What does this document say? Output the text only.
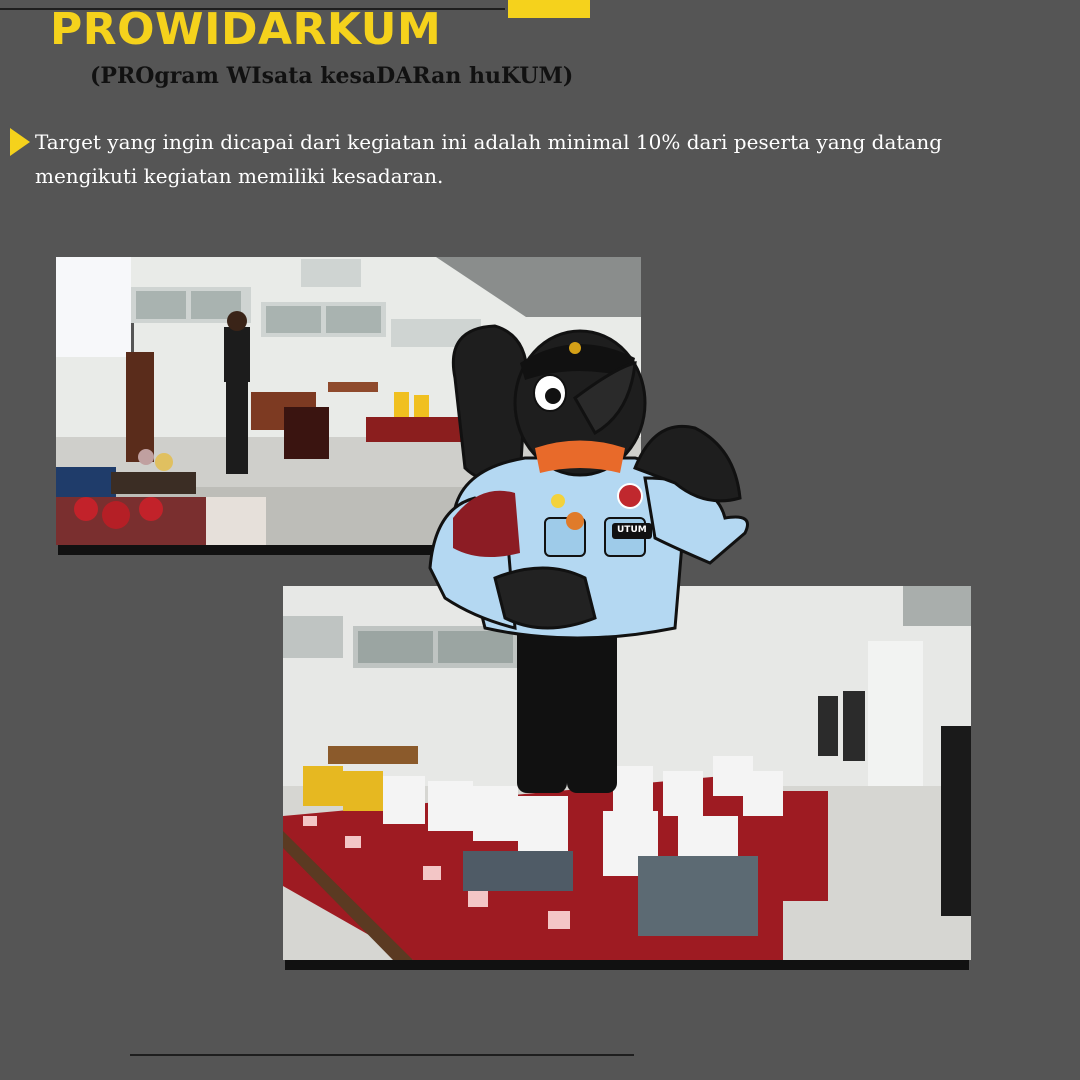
PROWIDARKUM
(PROgram WIsata kesaDARan huKUM)

Target yang ingin dicapai dari kegiatan ini adalah minimal 10% dari peserta yang datang mengikuti kegiatan memiliki kesadaran.

UTUM
